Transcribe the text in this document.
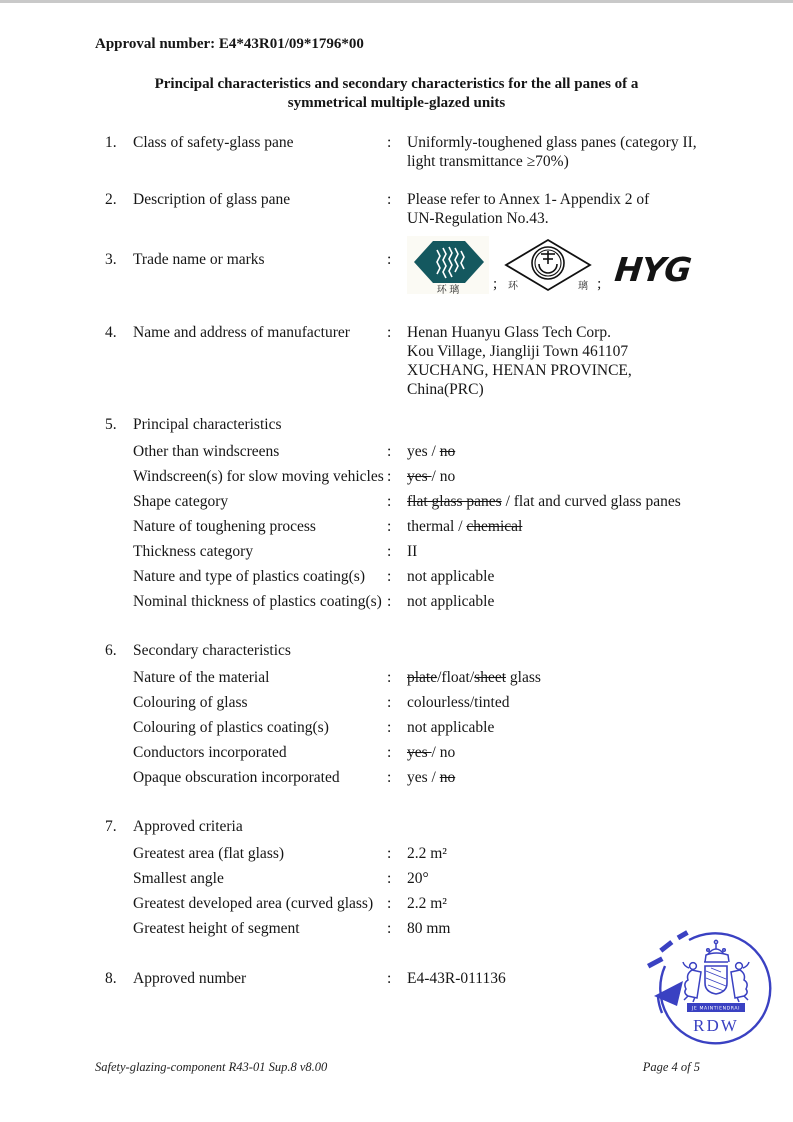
Approval number: E4*43R01/09*1796*00
Principal characteristics and secondary characteristics for the all panes of a
symmetrical multiple-glazed units
1.	Class of safety-glass pane	:	Uniformly-toughened glass panes (category II,
light transmittance ≥70%)
2.	Description of glass pane	:	Please refer to Annex 1- Appendix 2 of
UN-Regulation No.43.
3.	Trade name or marks	:
环 璃 ; 环	璃 ; HYG
4.	Name and address of manufacturer	:	Henan Huanyu Glass Tech Corp.
Kou Village, Jiangliji Town 461107
XUCHANG, HENAN PROVINCE,
China(PRC)
5.	Principal characteristics
Other than windscreens	:	yes / no
Windscreen(s) for slow moving vehicles :	yes / no
Shape category	:	flat glass panes / flat and curved glass panes
Nature of toughening process	:	thermal / chemical
Thickness category	:	II
Nature and type of plastics coating(s)	:	not applicable
Nominal thickness of plastics coating(s) :	not applicable
6.	Secondary characteristics
Nature of the material	:	plate/float/sheet glass
Colouring of glass	:	colourless/tinted
Colouring of plastics coating(s)	:	not applicable
Conductors incorporated	:	yes / no
Opaque obscuration incorporated	:	yes / no
7.	Approved criteria
Greatest area (flat glass)	:	2.2 m²
Smallest angle	:	20°
Greatest developed area (curved glass) :	2.2 m²
Greatest height of segment	:	80 mm
8.	Approved number	:	E4-43R-011136
JE MAINTIENDRAI
RDW
Safety-glazing-component R43-01 Sup.8 v8.00	Page 4 of 5
